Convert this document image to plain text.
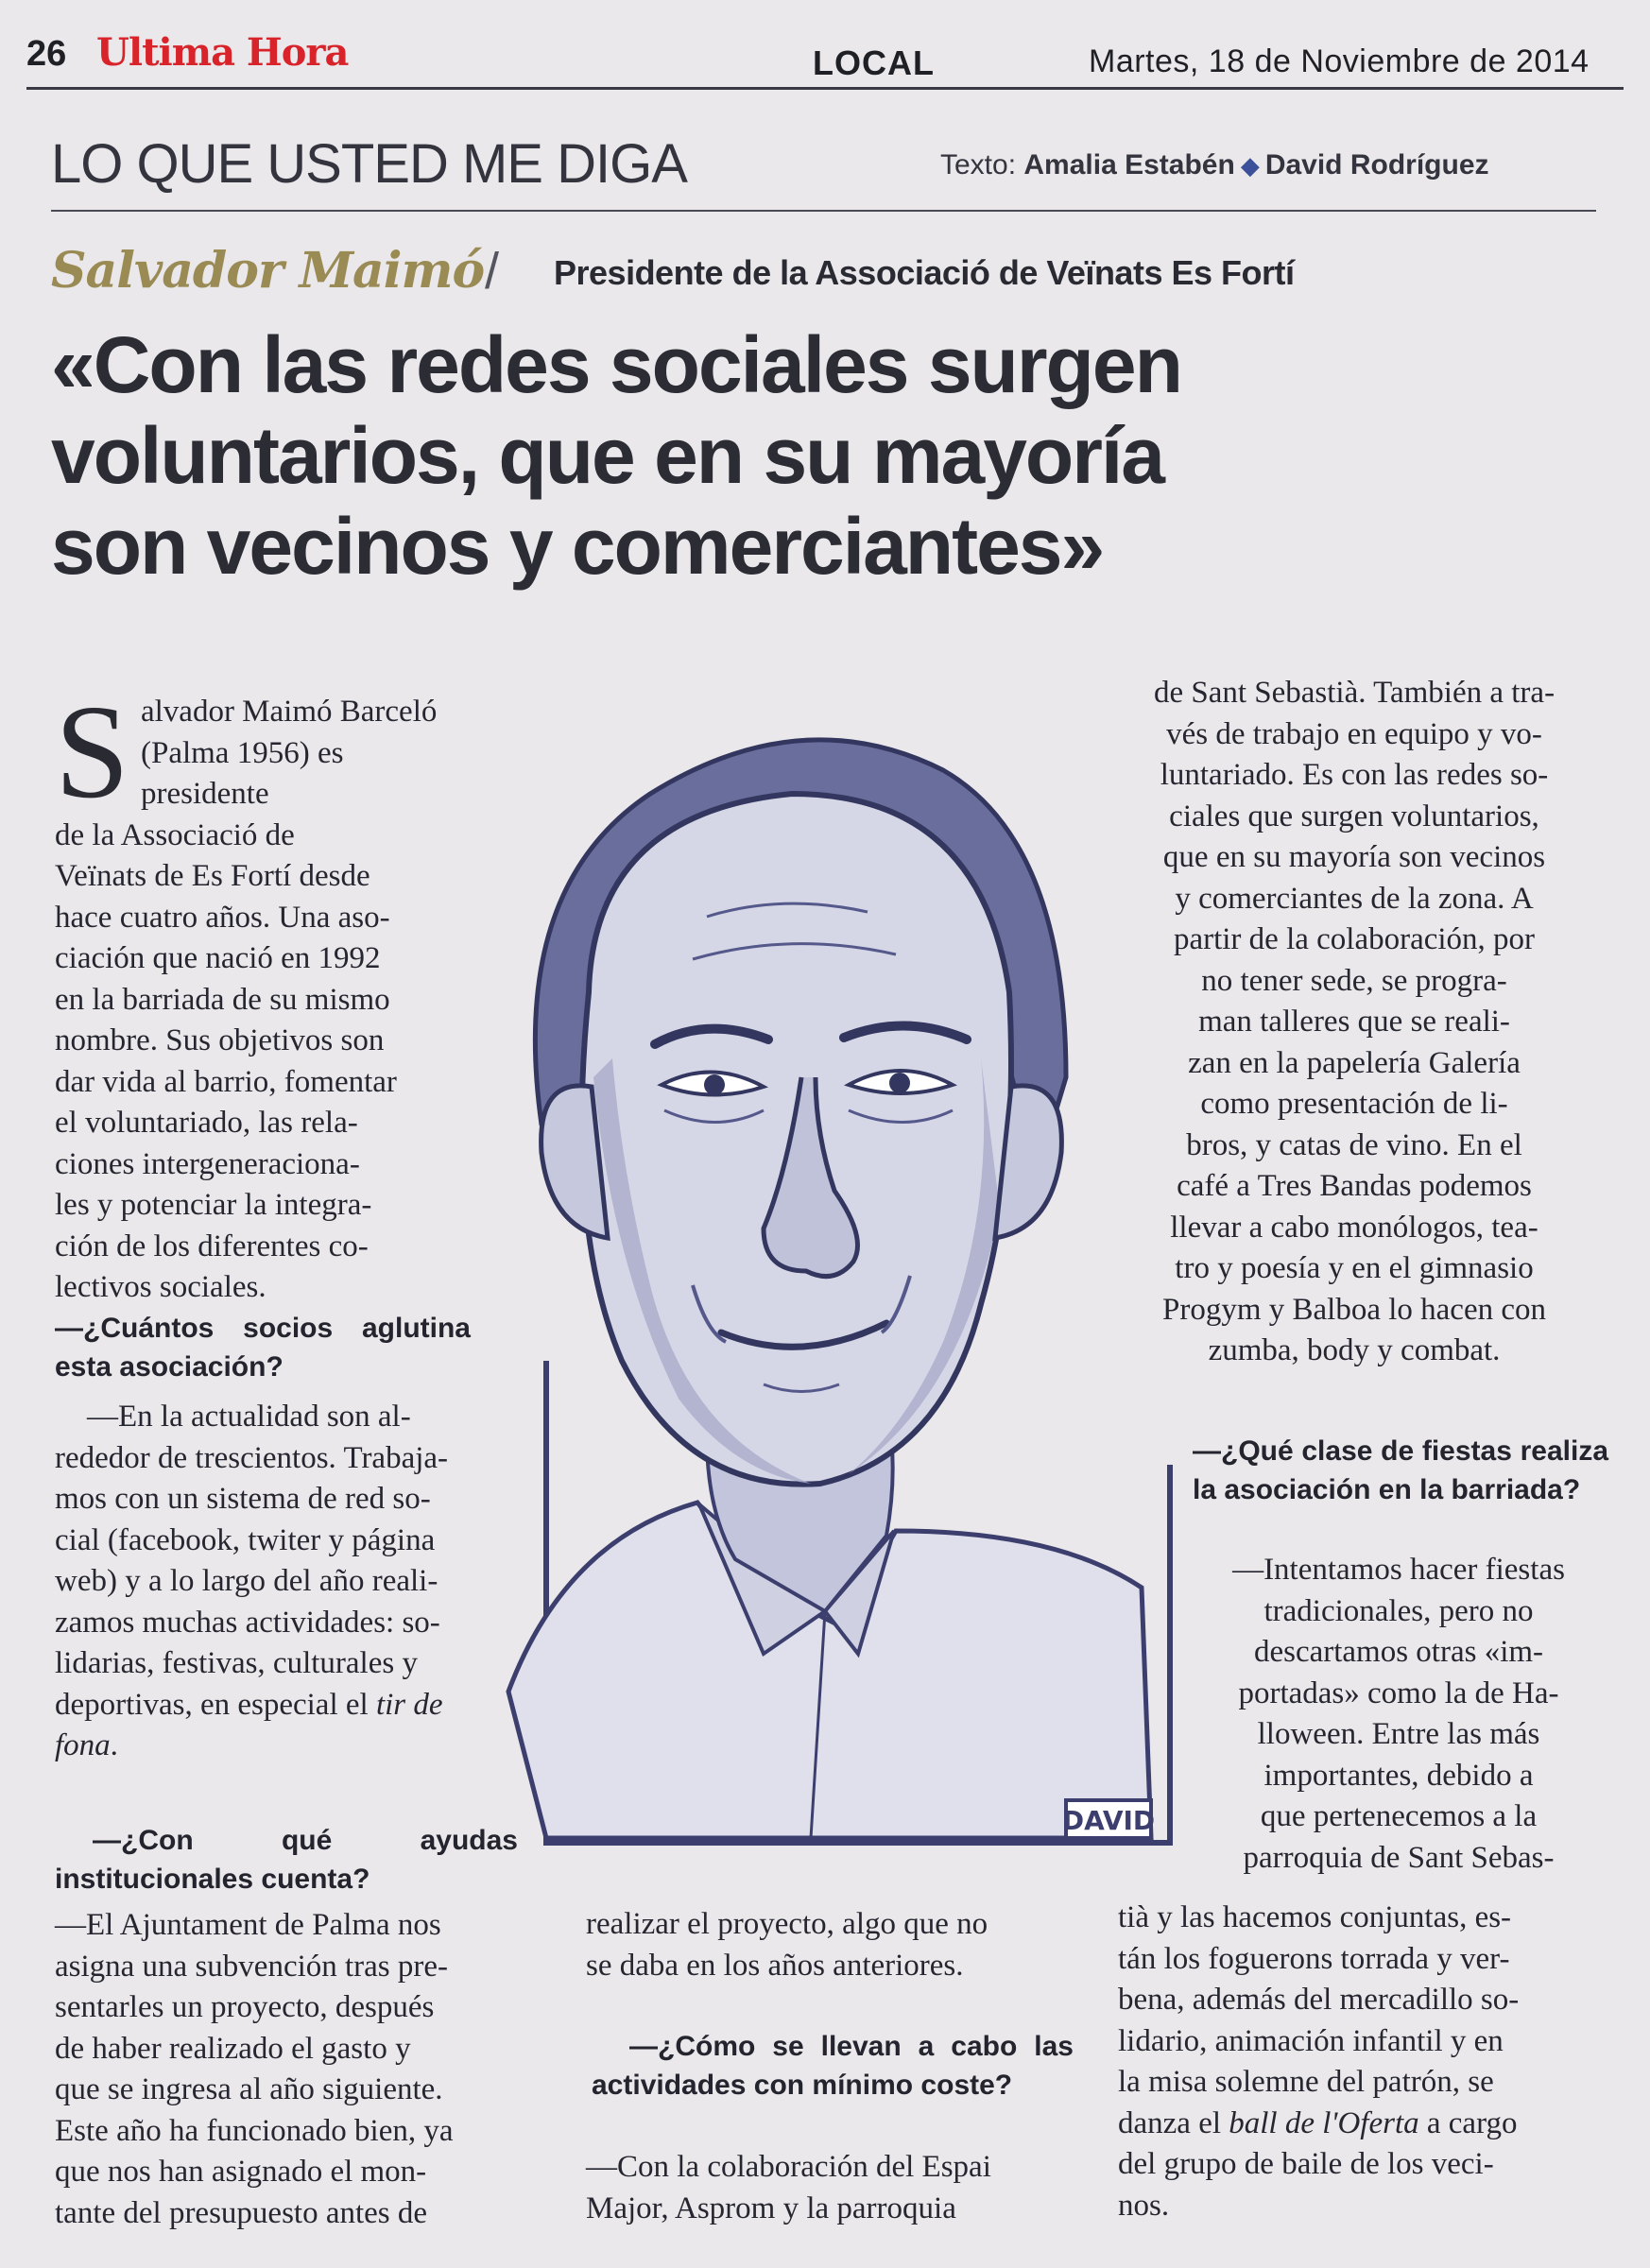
26 Ultima Hora	LOCAL	Martes, 18 de Noviembre de 2014
LO QUE USTED ME DIGA	Texto: Amalia Estabén ◆ David Rodríguez
Salvador Maimó / Presidente de la Associació de Veïnats Es Fortí
«Con las redes sociales surgen
voluntarios, que en su mayoría
son vecinos y comerciantes»
DAVID
S alvador Maimó Barceló
(Palma 1956) es presidente
de la Associació de
Veïnats de Es Fortí desde
hace cuatro años. Una aso-
ciación que nació en 1992
en la barriada de su mismo
nombre. Sus objetivos son
dar vida al barrio, fomentar
el voluntariado, las rela-
ciones intergeneraciona-
les y potenciar la integra-
ción de los diferentes co-
lectivos sociales.
—¿Cuántos socios aglutina esta asociación?
—En la actualidad son al-
rededor de trescientos. Trabaja-
mos con un sistema de red so-
cial (facebook, twiter y página
web) y a lo largo del año reali-
zamos muchas actividades: so-
lidarias, festivas, culturales y
deportivas, en especial el tir de
fona.
—¿Con qué ayudas institucionales cuenta?
—El Ajuntament de Palma nos
asigna una subvención tras pre-
sentarles un proyecto, después
de haber realizado el gasto y
que se ingresa al año siguiente.
Este año ha funcionado bien, ya
que nos han asignado el mon-
tante del presupuesto antes de
realizar el proyecto, algo que no
se daba en los años anteriores.
—¿Cómo se llevan a cabo las actividades con mínimo coste?
—Con la colaboración del Espai
Major, Asprom y la parroquia
de Sant Sebastià. También a tra-
vés de trabajo en equipo y vo-
luntariado. Es con las redes so-
ciales que surgen voluntarios,
que en su mayoría son vecinos
y comerciantes de la zona. A
partir de la colaboración, por
no tener sede, se progra-
man talleres que se reali-
zan en la papelería Galería
como presentación de li-
bros, y catas de vino. En el
café a Tres Bandas podemos
llevar a cabo monólogos, tea-
tro y poesía y en el gimnasio
Progym y Balboa lo hacen con
zumba, body y combat.
—¿Qué clase de fiestas realiza la asociación en la barriada?
—Intentamos hacer fiestas
tradicionales, pero no
descartamos otras «im-
portadas» como la de Ha-
lloween. Entre las más
importantes, debido a
que pertenecemos a la
parroquia de Sant Sebas-
tià y las hacemos conjuntas, es-
tán los foguerons torrada y ver-
bena, además del mercadillo so-
lidario, animación infantil y en
la misa solemne del patrón, se
danza el ball de l'Oferta a cargo
del grupo de baile de los veci-
nos.
